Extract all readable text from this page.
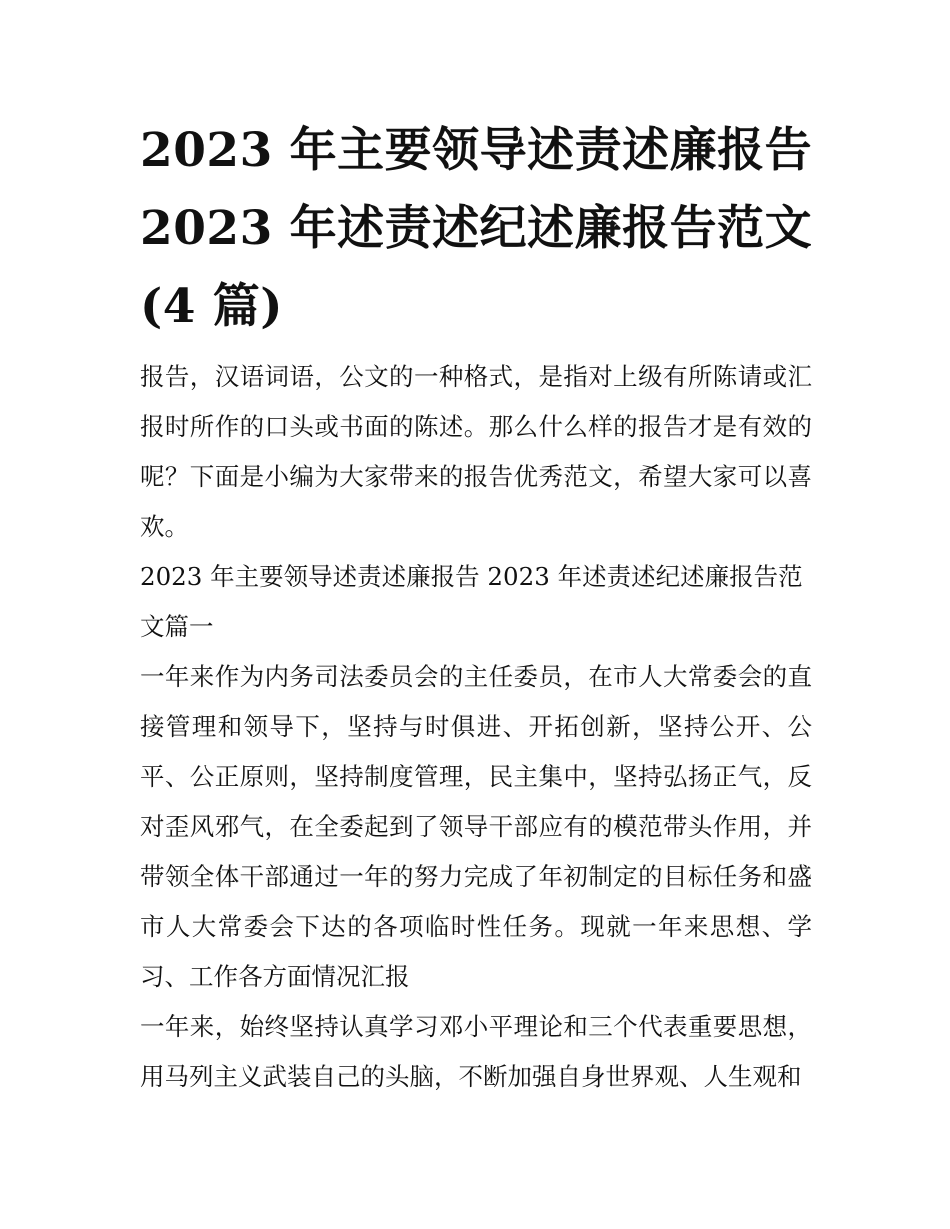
2023 年主要领导述责述廉报告
2023 年述责述纪述廉报告范文
(4 篇)

报告，汉语词语，公文的一种格式，是指对上级有所陈请或汇报时所作的口头或书面的陈述。那么什么样的报告才是有效的呢？下面是小编为大家带来的报告优秀范文，希望大家可以喜欢。

2023 年主要领导述责述廉报告 2023 年述责述纪述廉报告范文篇一

一年来作为内务司法委员会的主任委员，在市人大常委会的直接管理和领导下，坚持与时俱进、开拓创新，坚持公开、公平、公正原则，坚持制度管理，民主集中，坚持弘扬正气，反对歪风邪气，在全委起到了领导干部应有的模范带头作用，并带领全体干部通过一年的努力完成了年初制定的目标任务和盛市人大常委会下达的各项临时性任务。现就一年来思想、学习、工作各方面情况汇报

一年来，始终坚持认真学习邓小平理论和三个代表重要思想，用马列主义武装自己的头脑，不断加强自身世界观、人生观和
